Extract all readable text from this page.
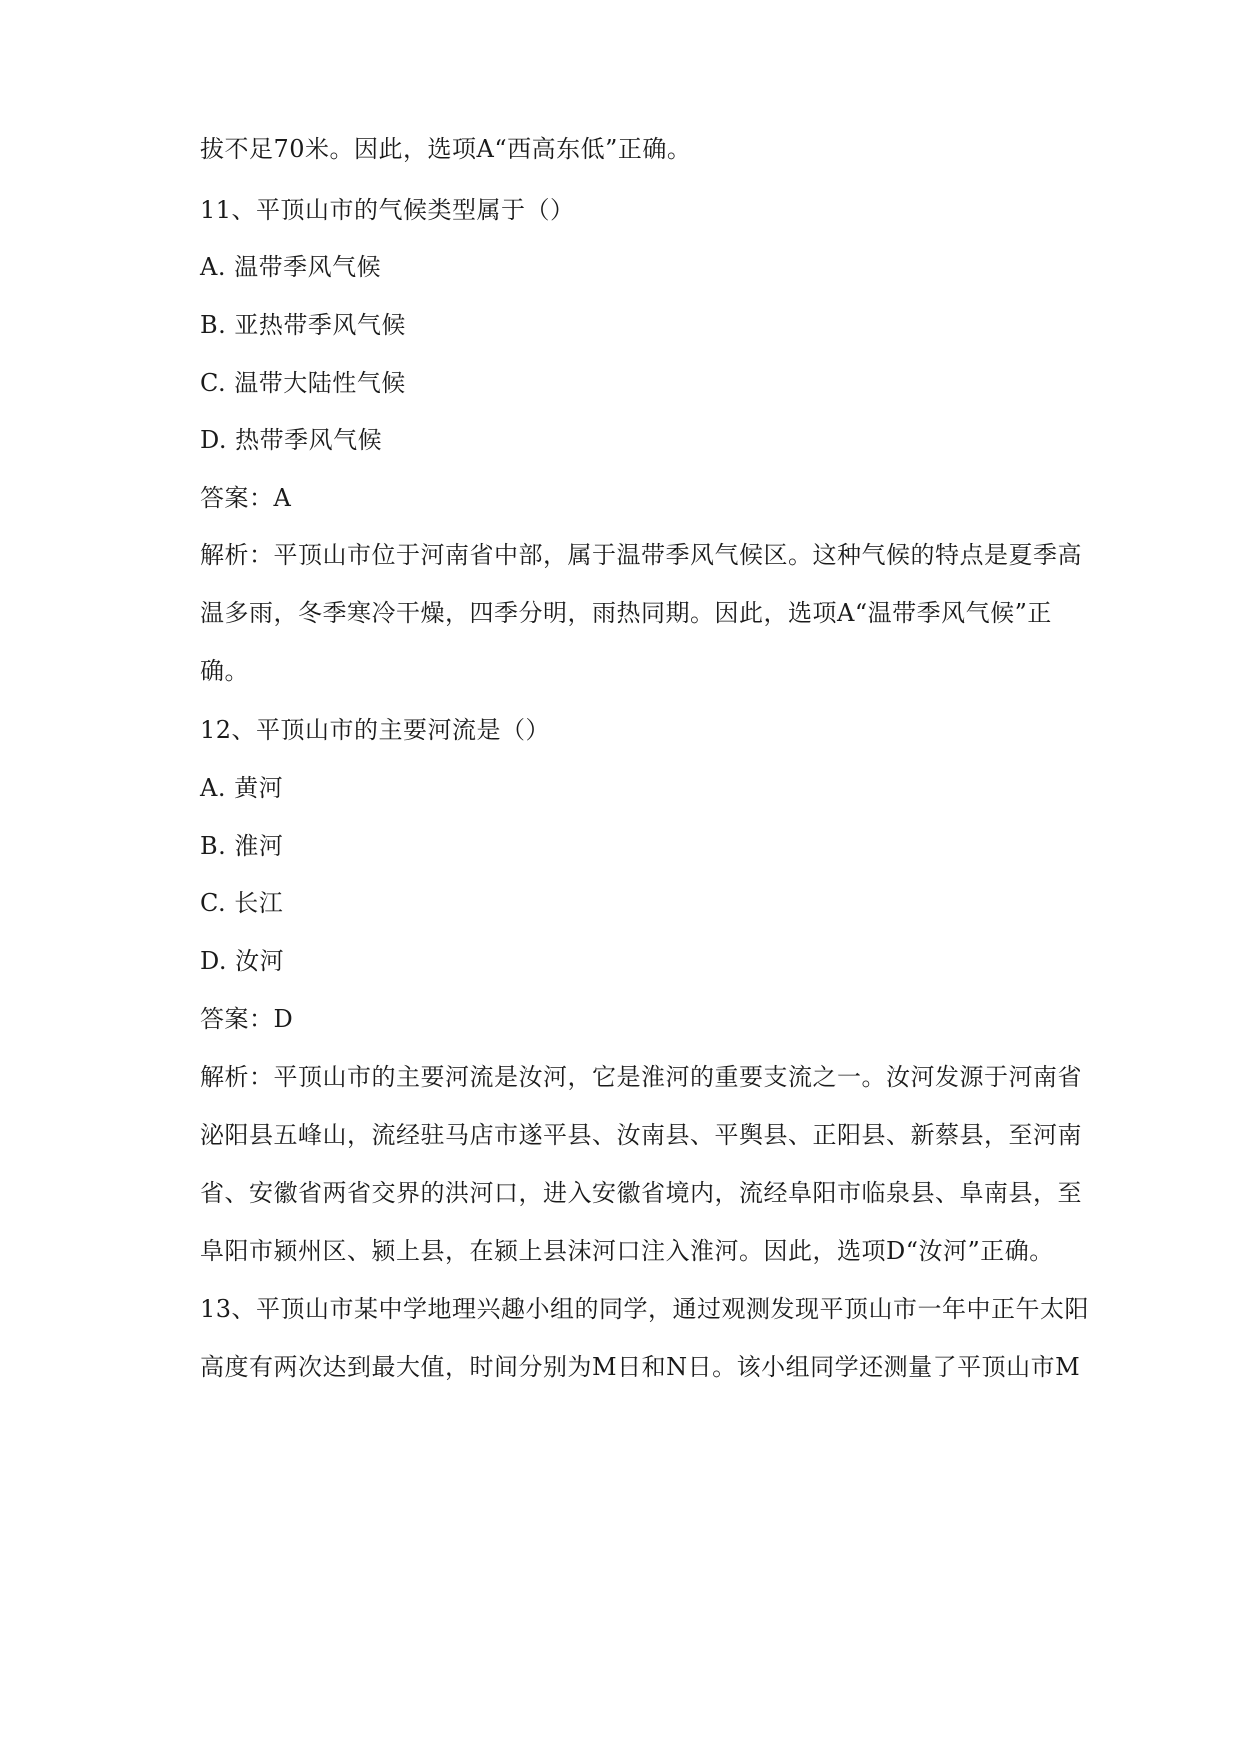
拔不足70米。因此，选项A“西高东低”正确。
11、平顶山市的气候类型属于（）
A. 温带季风气候
B. 亚热带季风气候
C. 温带大陆性气候
D. 热带季风气候
答案：A
解析：平顶山市位于河南省中部，属于温带季风气候区。这种气候的特点是夏季高
温多雨，冬季寒冷干燥，四季分明，雨热同期。因此，选项A“温带季风气候”正
确。
12、平顶山市的主要河流是（）
A. 黄河
B. 淮河
C. 长江
D. 汝河
答案：D
解析：平顶山市的主要河流是汝河，它是淮河的重要支流之一。汝河发源于河南省
泌阳县五峰山，流经驻马店市遂平县、汝南县、平舆县、正阳县、新蔡县，至河南
省、安徽省两省交界的洪河口，进入安徽省境内，流经阜阳市临泉县、阜南县，至
阜阳市颍州区、颍上县，在颍上县沫河口注入淮河。因此，选项D“汝河”正确。
13、平顶山市某中学地理兴趣小组的同学，通过观测发现平顶山市一年中正午太阳
高度有两次达到最大值，时间分别为M日和N日。该小组同学还测量了平顶山市M
